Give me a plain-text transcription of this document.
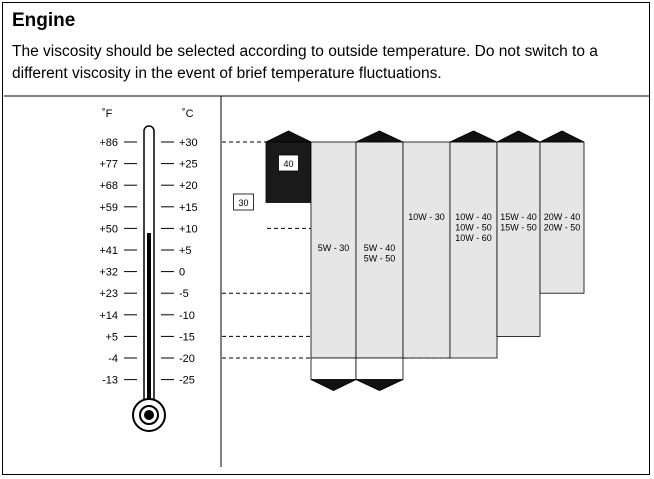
Engine

The viscosity should be selected according to outside temperature. Do not switch to a different viscosity in the event of brief temperature fluctuations.

˚F	˚C
+86
+77
+68
+59
+50
+41
+32
+23
+14
+5
-4
-13
+30
+25
+20
+15
+10
+5
0
-5
-10
-15
-20
-25
30
40
5W - 30 5W - 40 5W - 50
10W - 30 10W - 40 10W - 50 10W - 60
15W - 40 15W - 50
20W - 40 20W - 50
